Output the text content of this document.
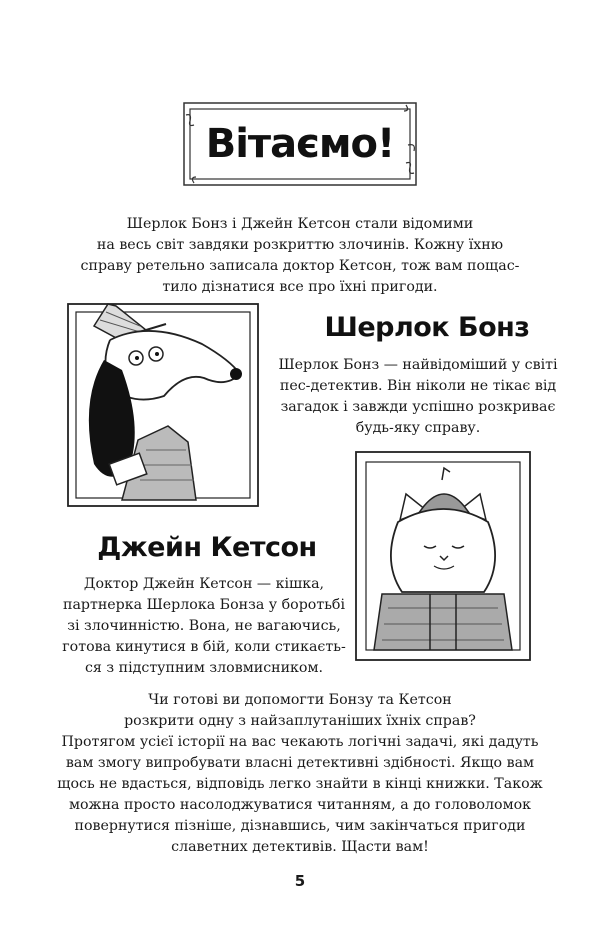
Вітаємо!
Шерлок Бонз і Джейн Кетсон стали відомими
на весь світ завдяки розкриттю злочинів. Кожну їхню
справу ретельно записала доктор Кетсон, тож вам пощас-
тило дізнатися все про їхні пригоди.
Шерлок Бонз
Шерлок Бонз — найвідоміший у світі
пес-детектив. Він ніколи не тікає від
загадок і завжди успішно розкриває
будь-яку справу.
Джейн Кетсон
Доктор Джейн Кетсон — кішка,
партнерка Шерлока Бонза у боротьбі
зі злочинністю. Вона, не вагаючись,
готова кинутися в бій, коли стикаєть-
ся з підступним зловмисником.
Чи готові ви допомогти Бонзу та Кетсон
розкрити одну з найзаплутаніших їхніх справ?
Протягом усієї історії на вас чекають логічні задачі, які дадуть
вам змогу випробувати власні детективні здібності. Якщо вам
щось не вдасться, відповідь легко знайти в кінці книжки. Також
можна просто насолоджуватися читанням, а до головоломок
повернутися пізніше, дізнавшись, чим закінчаться пригоди
славетних детективів. Щасти вам!
5
